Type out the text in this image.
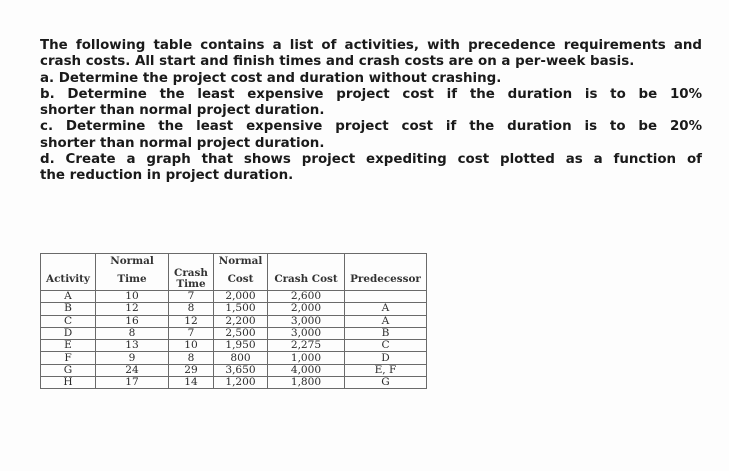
The following table contains a list of activities, with precedence requirements and crash costs. All start and finish times and crash costs are on a per-week basis.

a. Determine the project cost and duration without crashing.

b. Determine the least expensive project cost if the duration is to be 10%

shorter than normal project duration.

c. Determine the least expensive project cost if the duration is to be 20%

shorter than normal project duration.

d. Create a graph that shows project expediting cost plotted as a function of

the reduction in project duration.

	Normal		Normal		
Activity	Time	Crash Time	Cost	Crash Cost	Predecessor
A	10	7	2,000	2,600	
B	12	8	1,500	2,000	A
C	16	12	2,200	3,000	A
D	8	7	2,500	3,000	B
E	13	10	1,950	2,275	C
F	9	8	800	1,000	D
G	24	29	3,650	4,000	E, F
H	17	14	1,200	1,800	G
